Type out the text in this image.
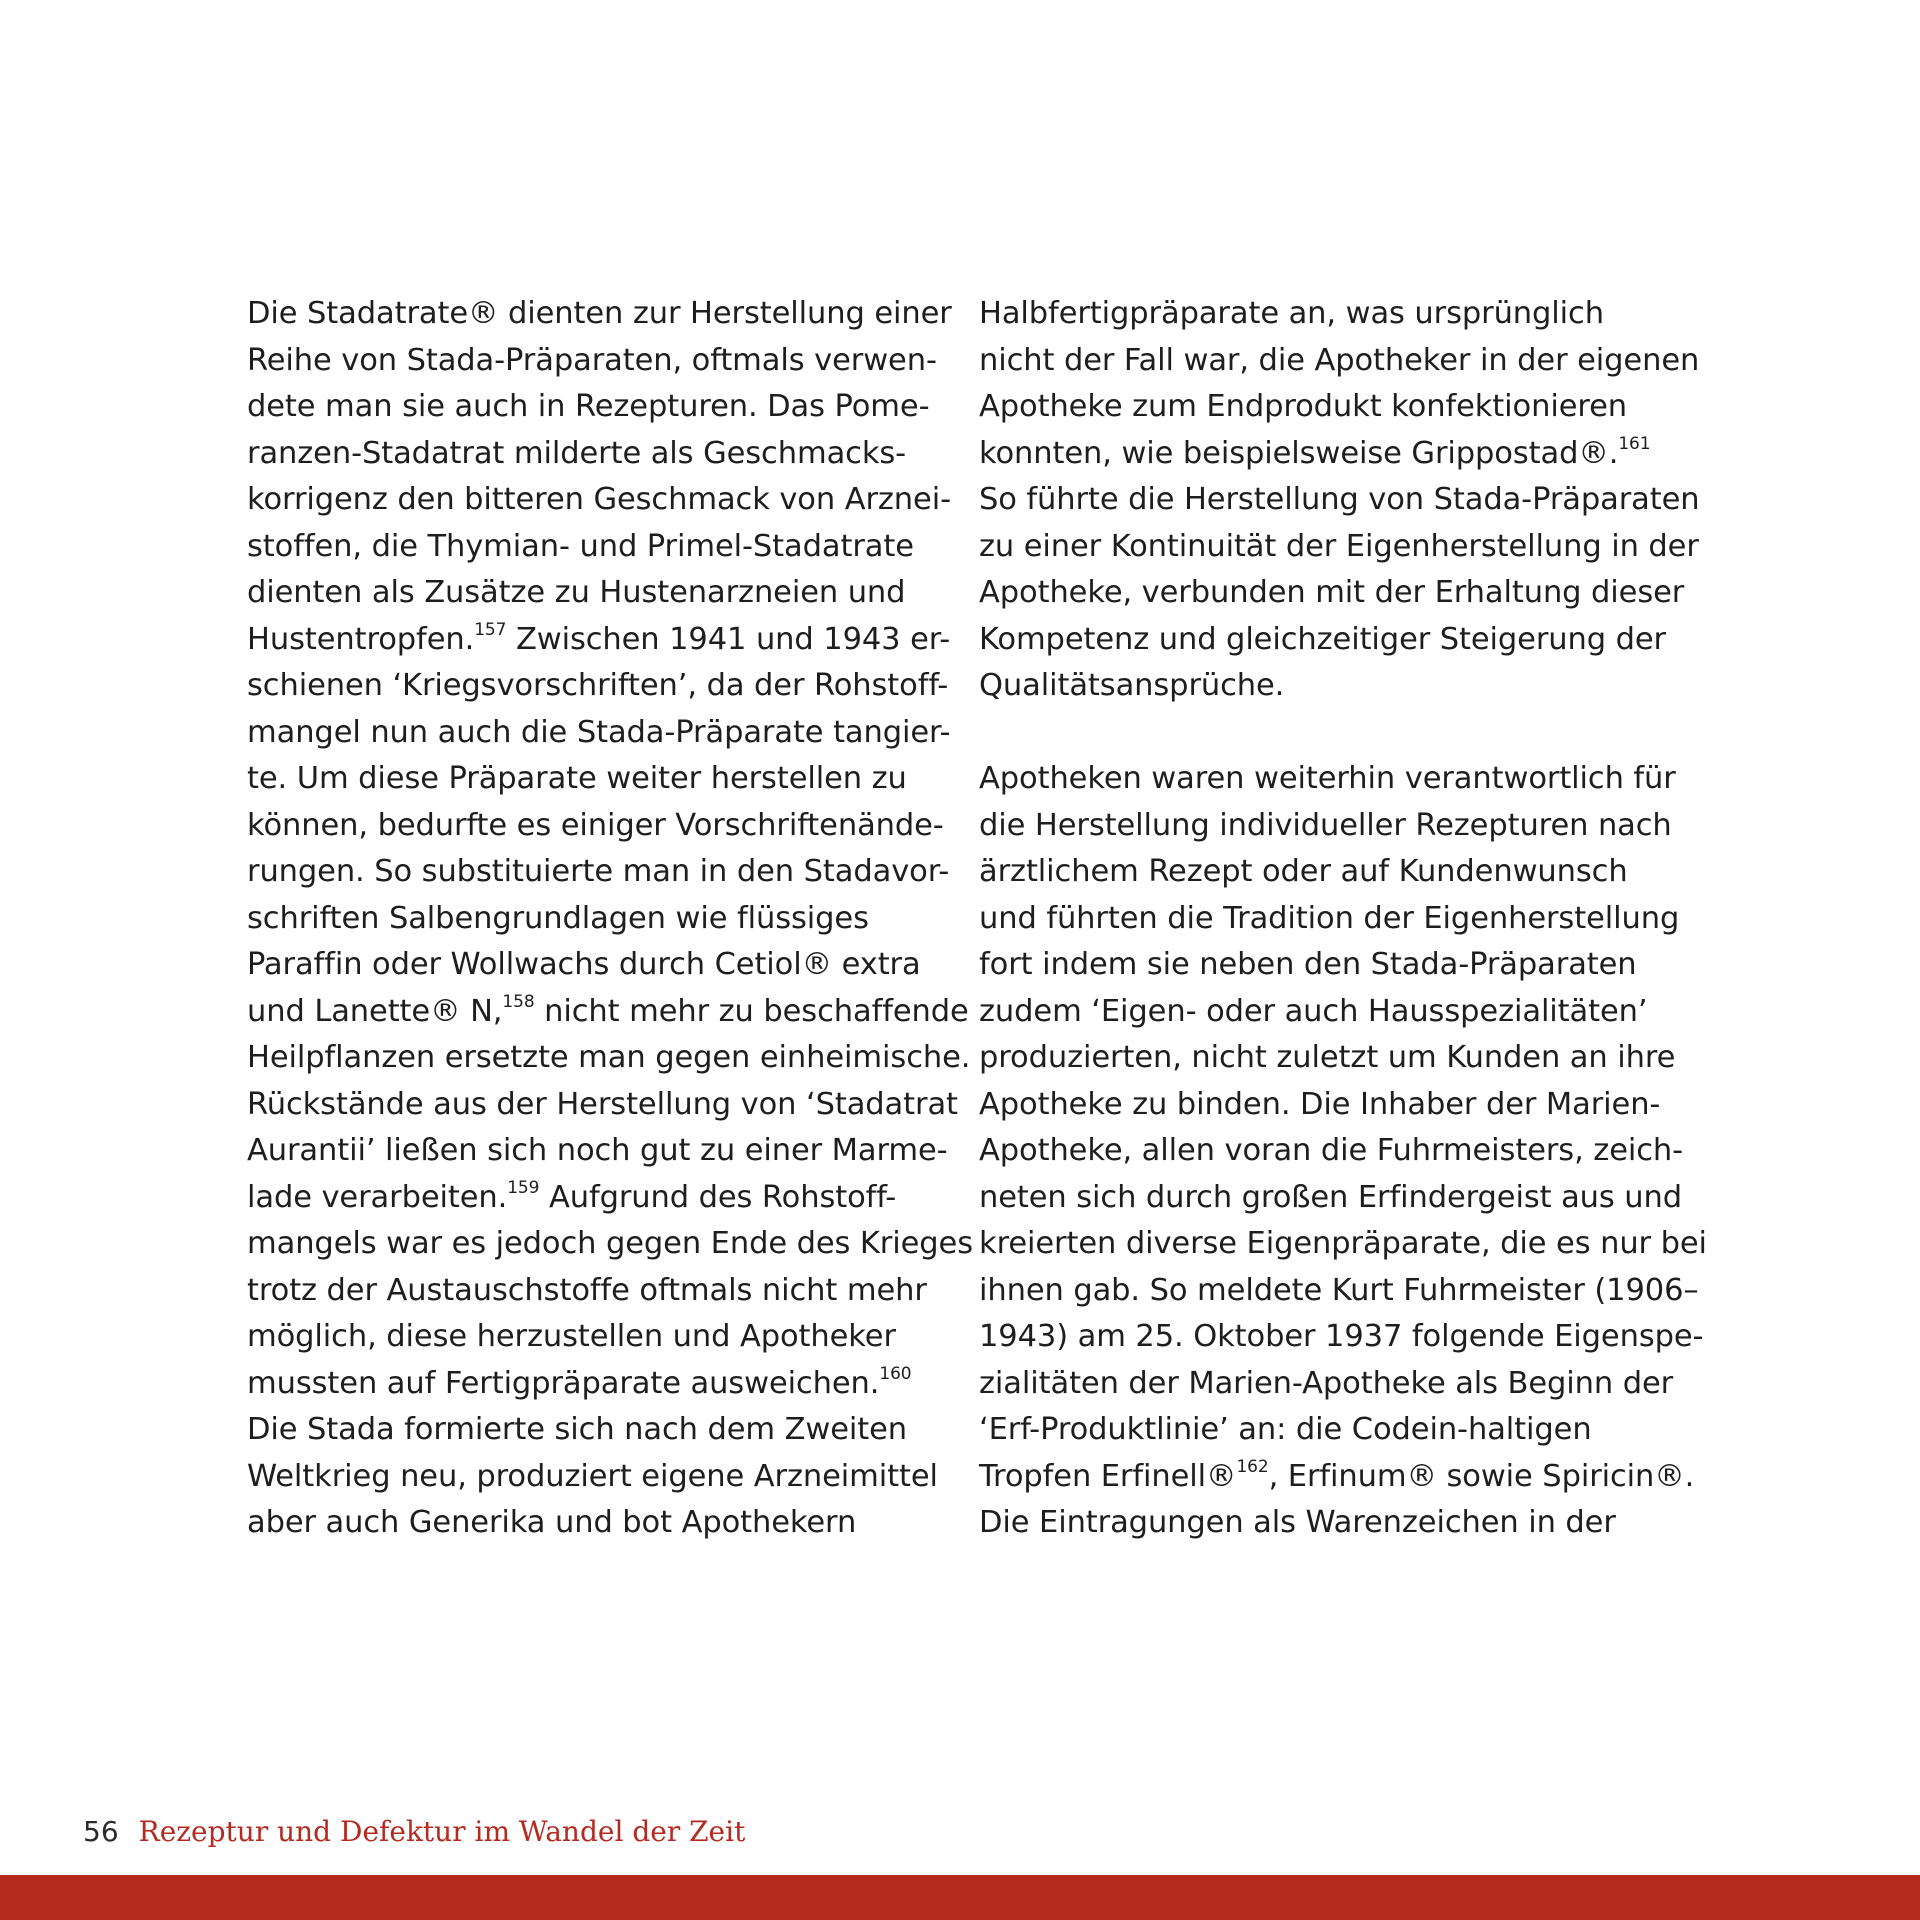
Die Stadatrate® dienten zur Herstellung einer
Reihe von Stada-Präparaten, oftmals verwen-
dete man sie auch in Rezepturen. Das Pome-
ranzen-Stadatrat milderte als Geschmacks-
korrigenz den bitteren Geschmack von Arznei-
stoffen, die Thymian- und Primel-Stadatrate
dienten als Zusätze zu Hustenarzneien und
Hustentropfen.$^{157}$ Zwischen 1941 und 1943 er-
schienen ‘Kriegsvorschriften’, da der Rohstoff-
mangel nun auch die Stada-Präparate tangier-
te. Um diese Präparate weiter herstellen zu
können, bedurfte es einiger Vorschriftenände-
rungen. So substituierte man in den Stadavor-
schriften Salbengrundlagen wie flüssiges
Paraffin oder Wollwachs durch Cetiol® extra
und Lanette® N,$^{158}$ nicht mehr zu beschaffende
Heilpflanzen ersetzte man gegen einheimische.
Rückstände aus der Herstellung von ‘Stadatrat
Aurantii’ ließen sich noch gut zu einer Marme-
lade verarbeiten.$^{159}$ Aufgrund des Rohstoff-
mangels war es jedoch gegen Ende des Krieges
trotz der Austauschstoffe oftmals nicht mehr
möglich, diese herzustellen und Apotheker
mussten auf Fertigpräparate ausweichen.$^{160}$
Die Stada formierte sich nach dem Zweiten
Weltkrieg neu, produziert eigene Arzneimittel
aber auch Generika und bot Apothekern
Halbfertigpräparate an, was ursprünglich
nicht der Fall war, die Apotheker in der eigenen
Apotheke zum Endprodukt konfektionieren
konnten, wie beispielsweise Grippostad®.$^{161}$
So führte die Herstellung von Stada-Präparaten
zu einer Kontinuität der Eigenherstellung in der
Apotheke, verbunden mit der Erhaltung dieser
Kompetenz und gleichzeitiger Steigerung der
Qualitätsansprüche.
Apotheken waren weiterhin verantwortlich für
die Herstellung individueller Rezepturen nach
ärztlichem Rezept oder auf Kundenwunsch
und führten die Tradition der Eigenherstellung
fort indem sie neben den Stada-Präparaten
zudem ‘Eigen- oder auch Hausspezialitäten’
produzierten, nicht zuletzt um Kunden an ihre
Apotheke zu binden. Die Inhaber der Marien-
Apotheke, allen voran die Fuhrmeisters, zeich-
neten sich durch großen Erfindergeist aus und
kreierten diverse Eigenpräparate, die es nur bei
ihnen gab. So meldete Kurt Fuhrmeister (1906–
1943) am 25. Oktober 1937 folgende Eigenspe-
zialitäten der Marien-Apotheke als Beginn der
‘Erf-Produktlinie’ an: die Codein-haltigen
Tropfen Erfinell®$^{162}$, Erfinum® sowie Spiricin®.
Die Eintragungen als Warenzeichen in der
56 Rezeptur und Defektur im Wandel der Zeit
